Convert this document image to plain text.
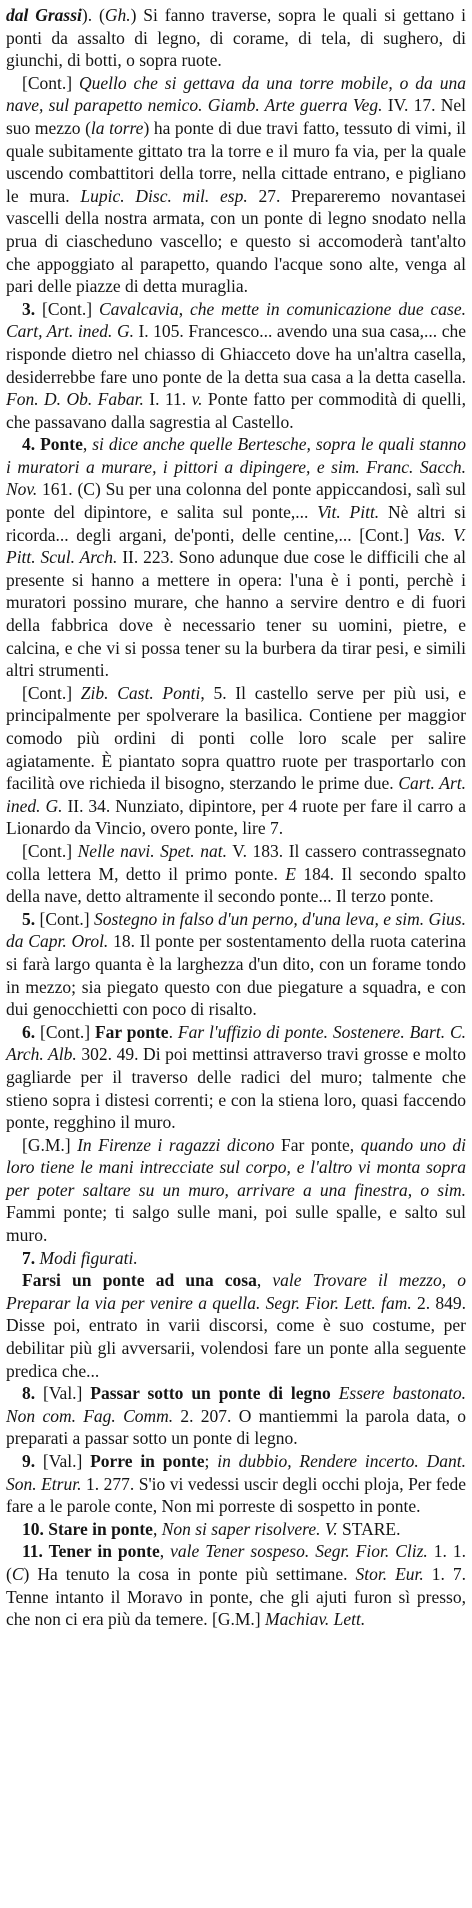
dal Grassi). (Gh.) Si fanno traverse, sopra le quali si gettano i ponti da assalto di legno, di corame, di tela, di sughero, di giunchi, di botti, o sopra ruote.

[Cont.] Quello che si gettava da una torre mobile, o da una nave, sul parapetto nemico. Giamb. Arte guerra Veg. IV. 17. Nel suo mezzo (la torre) ha ponte di due travi fatto, tessuto di vimi, il quale subitamente gittato tra la torre e il muro fa via, per la quale uscendo combattitori della torre, nella cittade entrano, e pigliano le mura. Lupic. Disc. mil. esp. 27. Prepareremo novantasei vascelli della nostra armata, con un ponte di legno snodato nella prua di ciascheduno vascello; e questo si accomoderà tant'alto che appoggiato al parapetto, quando l'acque sono alte, venga al pari delle piazze di detta muraglia.

3. [Cont.] Cavalcavia, che mette in comunicazione due case. Cart, Art. ined. G. I. 105. Francesco... avendo una sua casa,... che risponde dietro nel chiasso di Ghiacceto dove ha un'altra casella, desiderrebbe fare uno ponte de la detta sua casa a la detta casella. Fon. D. Ob. Fabar. I. 11. v. Ponte fatto per commodità di quelli, che passavano dalla sagrestia al Castello.

4. Ponte, si dice anche quelle Bertesche, sopra le quali stanno i muratori a murare, i pittori a dipingere, e sim. Franc. Sacch. Nov. 161. (C) Su per una colonna del ponte appiccandosi, salì sul ponte del dipintore, e salita sul ponte,... Vit. Pitt. Nè altri si ricorda... degli argani, de'ponti, delle centine,... [Cont.] Vas. V. Pitt. Scul. Arch. II. 223. Sono adunque due cose le difficili che al presente si hanno a mettere in opera: l'una è i ponti, perchè i muratori possino murare, che hanno a servire dentro e di fuori della fabbrica dove è necessario tener su uomini, pietre, e calcina, e che vi si possa tener su la burbera da tirar pesi, e simili altri strumenti.

[Cont.] Zib. Cast. Ponti, 5. Il castello serve per più usi, e principalmente per spolverare la basilica. Contiene per maggior comodo più ordini di ponti colle loro scale per salire agiatamente. È piantato sopra quattro ruote per trasportarlo con facilità ove richieda il bisogno, sterzando le prime due. Cart. Art. ined. G. II. 34. Nunziato, dipintore, per 4 ruote per fare il carro a Lionardo da Vincio, overo ponte, lire 7.

[Cont.] Nelle navi. Spet. nat. V. 183. Il cassero contrassegnato colla lettera M, detto il primo ponte. E 184. Il secondo spalto della nave, detto altramente il secondo ponte... Il terzo ponte.

5. [Cont.] Sostegno in falso d'un perno, d'una leva, e sim. Gius. da Capr. Orol. 18. Il ponte per sostentamento della ruota caterina si farà largo quanta è la larghezza d'un dito, con un forame tondo in mezzo; sia piegato questo con due piegature a squadra, e con dui genocchietti con poco di risalto.

6. [Cont.] Far ponte. Far l'uffizio di ponte. Sostenere. Bart. C. Arch. Alb. 302. 49. Di poi mettinsi attraverso travi grosse e molto gagliarde per il traverso delle radici del muro; talmente che stieno sopra i distesi correnti; e con la stiena loro, quasi faccendo ponte, regghino il muro.

[G.M.] In Firenze i ragazzi dicono Far ponte, quando uno di loro tiene le mani intrecciate sul corpo, e l'altro vi monta sopra per poter saltare su un muro, arrivare a una finestra, o sim. Fammi ponte; ti salgo sulle mani, poi sulle spalle, e salto sul muro.

7. Modi figurati.

Farsi un ponte ad una cosa, vale Trovare il mezzo, o Preparar la via per venire a quella. Segr. Fior. Lett. fam. 2. 849. Disse poi, entrato in varii discorsi, come è suo costume, per debilitar più gli avversarii, volendosi fare un ponte alla seguente predica che...

8. [Val.] Passar sotto un ponte di legno Essere bastonato. Non com. Fag. Comm. 2. 207. O mantiemmi la parola data, o preparati a passar sotto un ponte di legno.

9. [Val.] Porre in ponte; in dubbio, Rendere incerto. Dant. Son. Etrur. 1. 277. S'io vi vedessi uscir degli occhi ploja, Per fede fare a le parole conte, Non mi porreste di sospetto in ponte.

10. Stare in ponte, Non si saper risolvere. V. STARE.

11. Tener in ponte, vale Tener sospeso. Segr. Fior. Cliz. 1. 1. (C) Ha tenuto la cosa in ponte più settimane. Stor. Eur. 1. 7. Tenne intanto il Moravo in ponte, che gli ajuti furon sì presso, che non ci era più da temere. [G.M.] Machiav. Lett.
